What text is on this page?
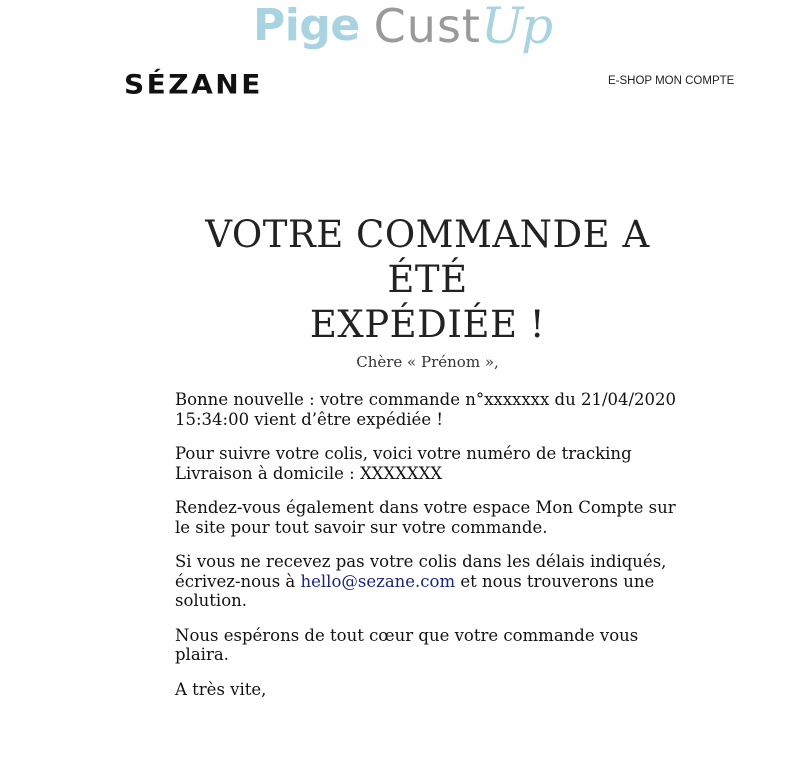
Pige Cust Up
SÉZANE	E-SHOP MON COMPTE
VOTRE COMMANDE A ÉTÉ
EXPÉDIÉE !
Chère « Prénom »,

Bonne nouvelle : votre commande n°xxxxxxx du 21/04/2020 15:34:00 vient d’être expédiée !

Pour suivre votre colis, voici votre numéro de tracking
Livraison à domicile : XXXXXXX

Rendez-vous également dans votre espace Mon Compte sur le site pour tout savoir sur votre commande.

Si vous ne recevez pas votre colis dans les délais indiqués, écrivez-nous à hello@sezane.com et nous trouverons une solution.

Nous espérons de tout cœur que votre commande vous plaira.

A très vite,
